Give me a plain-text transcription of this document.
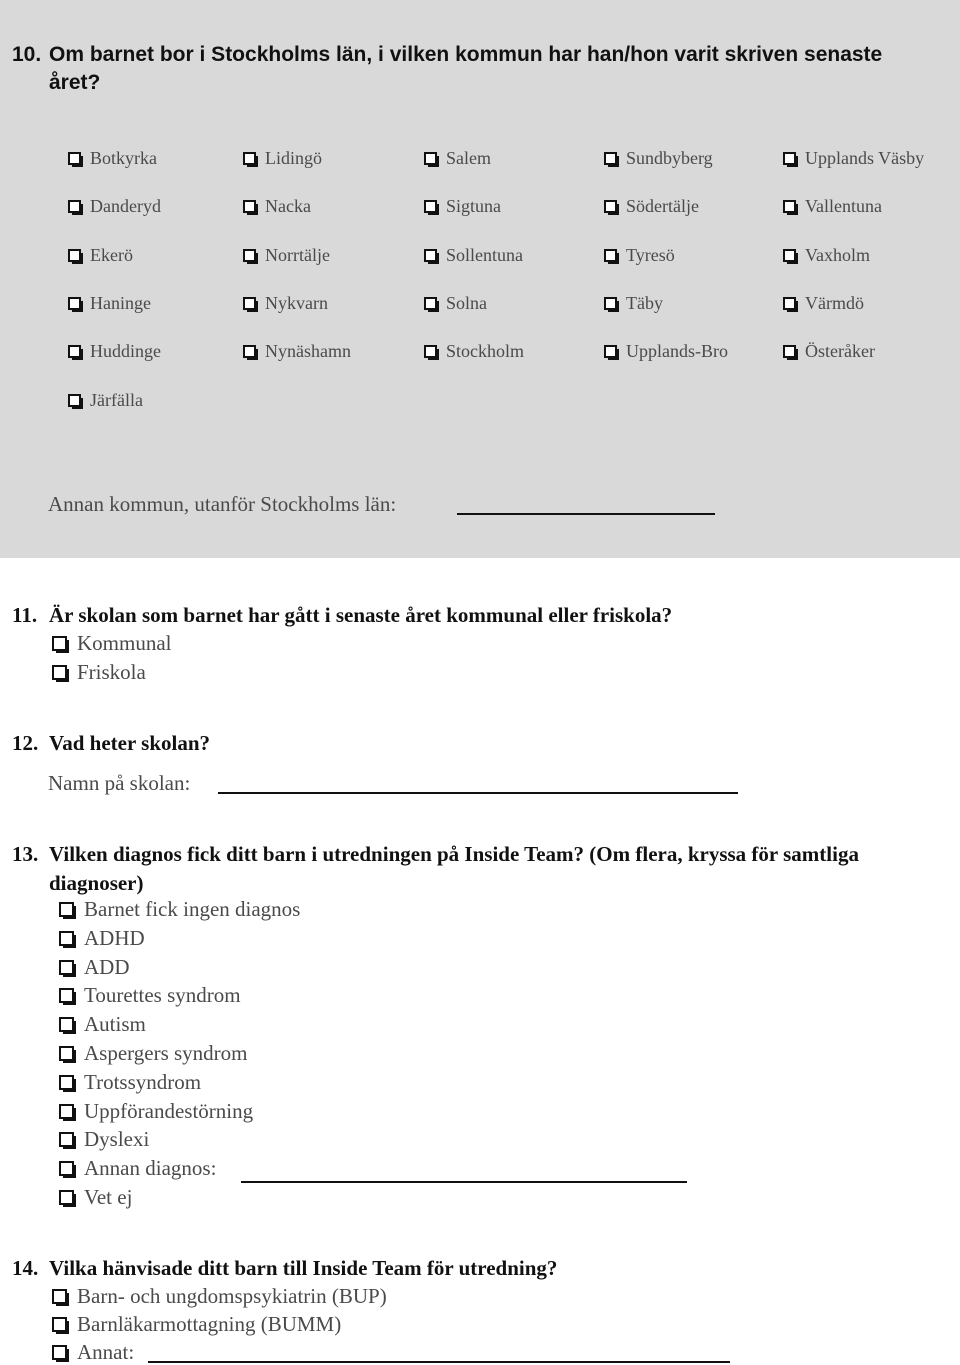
10. Om barnet bor i Stockholms län, i vilken kommun har han/hon varit skriven senaste året?
Botkyrka	Lidingö	Salem	Sundbyberg	Upplands Väsby
Danderyd	Nacka	Sigtuna	Södertälje	Vallentuna
Ekerö	Norrtälje	Sollentuna	Tyresö	Vaxholm
Haninge	Nykvarn	Solna	Täby	Värmdö
Huddinge	Nynäshamn	Stockholm	Upplands-Bro	Österåker
Järfälla
Annan kommun, utanför Stockholms län:
11. Är skolan som barnet har gått i senaste året kommunal eller friskola?
Kommunal
Friskola
12. Vad heter skolan?
Namn på skolan:
13. Vilken diagnos fick ditt barn i utredningen på Inside Team? (Om flera, kryssa för samtliga diagnoser)
Barnet fick ingen diagnos
ADHD
ADD
Tourettes syndrom
Autism
Aspergers syndrom
Trotssyndrom
Uppförandestörning
Dyslexi
Annan diagnos:
Vet ej
14. Vilka hänvisade ditt barn till Inside Team för utredning?
Barn- och ungdomspsykiatrin (BUP)
Barnläkarmottagning (BUMM)
Annat:
